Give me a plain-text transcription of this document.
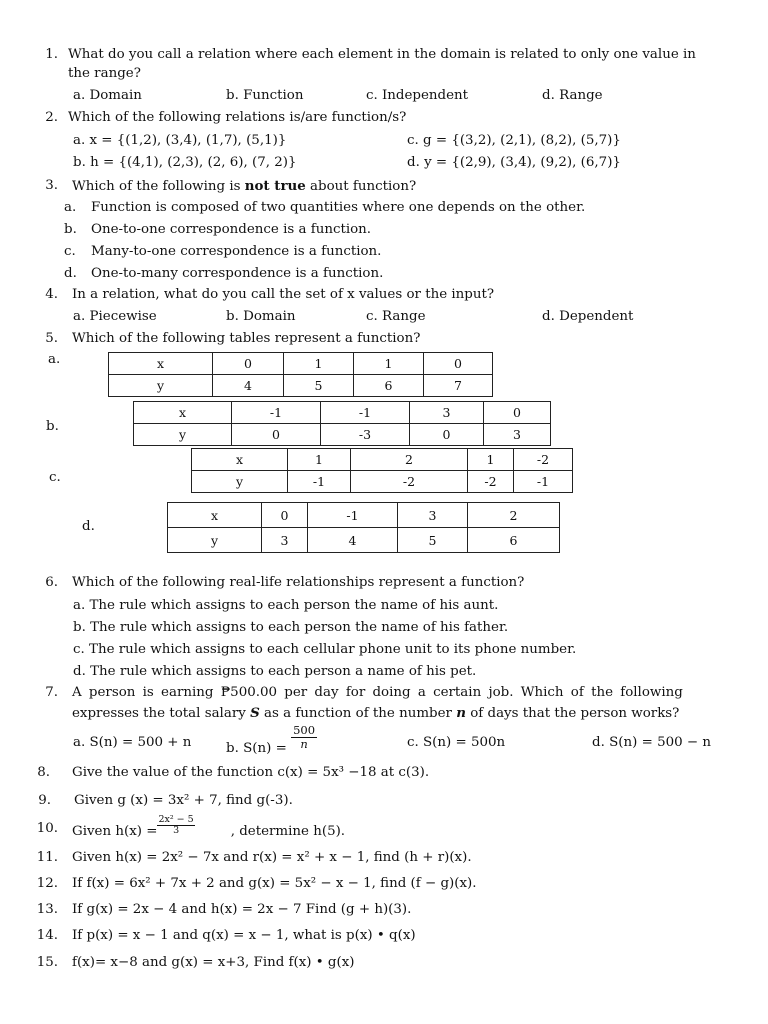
1. What do you call a relation where each element in the domain is related to only one value in
the range?
a. Domain	b. Function	c. Independent	d. Range
2. Which of the following relations is/are function/s?
a. x = {(1,2), (3,4), (1,7), (5,1)}	c. g = {(3,2), (2,1), (8,2), (5,7)}
b. h = {(4,1), (2,3), (2, 6), (7, 2)}	d. y = {(2,9), (3,4), (9,2), (6,7)}
3. Which of the following is not true about function?
a. Function is composed of two quantities where one depends on the other.
b. One-to-one correspondence is a function.
c. Many-to-one correspondence is a function.
d. One-to-many correspondence is a function.
4. In a relation, what do you call the set of x values or the input?
a. Piecewise	b. Domain	c. Range	d. Dependent
5. Which of the following tables represent a function?
a.	x	0	1	1	0
y	4	5	6	7
b.
x	-1	-1	3	0
y	0	-3	0	3
c.
x	1	2	1	-2
y	-1	-2	-2	-1
d.
x	0	-1	3	2
y	3	4	5	6
6. Which of the following real-life relationships represent a function?
a. The rule which assigns to each person the name of his aunt.
b. The rule which assigns to each person the name of his father.
c. The rule which assigns to each cellular phone unit to its phone number.
d. The rule which assigns to each person a name of his pet.
7. A person is earning ₱500.00 per day for doing a certain job. Which of the following
expresses the total salary S as a function of the number n of days that the person works?
a. S(n) = 500 + n	b. $S(n) = \frac{500}{n}$	c. S(n) = 500n	d. S(n) = 500 − n
8. Give the value of the function c(x) = 5x³ −18 at c(3).
9. Given g (x) = 3x² + 7, find g(-3).
10. Given $h(x) = \frac{\text{2x² − 5}}{3}$	, determine h(5).
11. Given h(x) = 2x² − 7x and r(x) = x² + x − 1, find (h + r)(x).
12. If f(x) = 6x² + 7x + 2 and g(x) = 5x² − x − 1, find (f − g)(x).
13. If g(x) = 2x − 4 and h(x) = 2x − 7 Find (g + h)(3).
14. If p(x) = x − 1 and q(x) = x − 1, what is p(x) • q(x)
15. f(x)= x−8 and g(x) = x+3, Find f(x) • g(x)
